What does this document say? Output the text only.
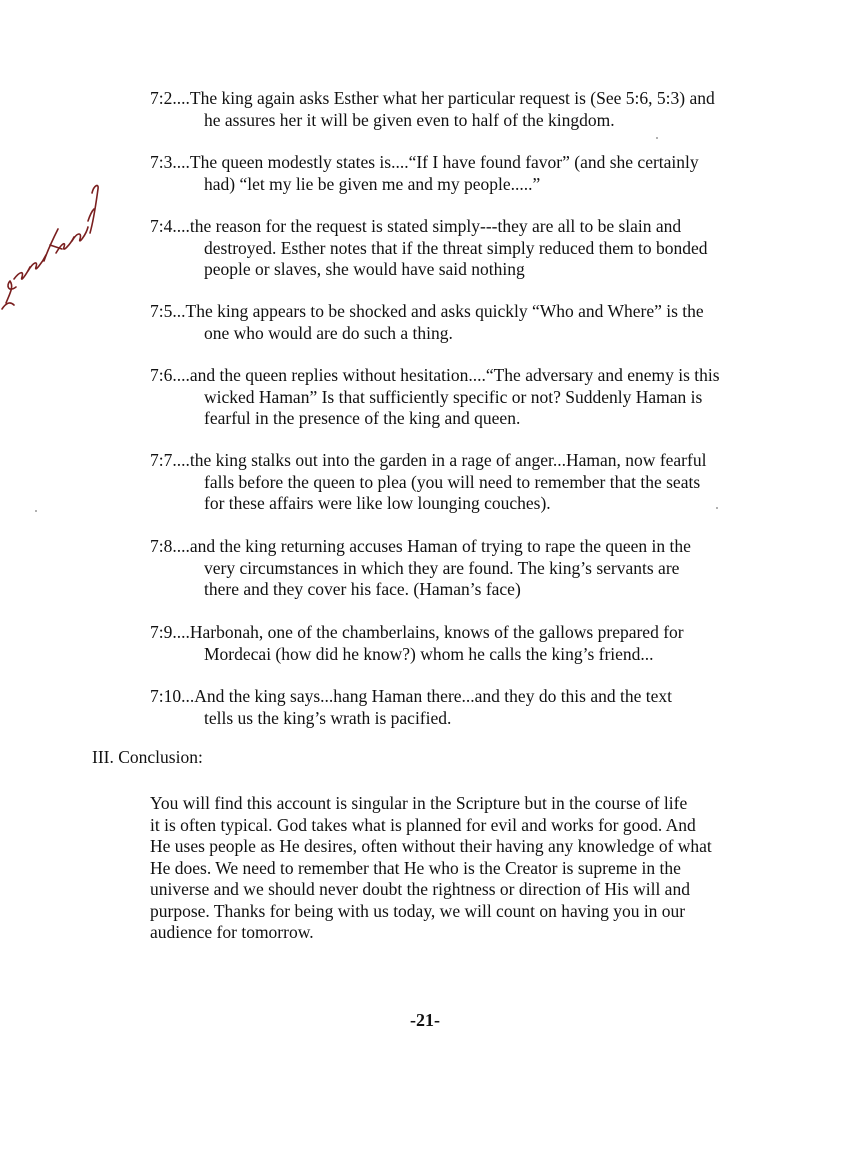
7:2....The king again asks Esther what her particular request is (See 5:6, 5:3) and
he assures her it will be given even to half of the kingdom.
7:3....The queen modestly states is....“If I have found favor” (and she certainly
had) “let my lie be given me and my people.....”
7:4....the reason for the request is stated simply---they are all to be slain and
destroyed. Esther notes that if the threat simply reduced them to bonded
people or slaves, she would have said nothing
7:5...The king appears to be shocked and asks quickly “Who and Where” is the
one who would are do such a thing.
7:6....and the queen replies without hesitation....“The adversary and enemy is this
wicked Haman” Is that sufficiently specific or not? Suddenly Haman is
fearful in the presence of the king and queen.
7:7....the king stalks out into the garden in a rage of anger...Haman, now fearful
falls before the queen to plea (you will need to remember that the seats
for these affairs were like low lounging couches).
7:8....and the king returning accuses Haman of trying to rape the queen in the
very circumstances in which they are found. The king’s servants are
there and they cover his face. (Haman’s face)
7:9....Harbonah, one of the chamberlains, knows of the gallows prepared for
Mordecai (how did he know?) whom he calls the king’s friend...
7:10...And the king says...hang Haman there...and they do this and the text
tells us the king’s wrath is pacified.
III. Conclusion:

You will find this account is singular in the Scripture but in the course of life
it is often typical. God takes what is planned for evil and works for good. And
He uses people as He desires, often without their having any knowledge of what
He does. We need to remember that He who is the Creator is supreme in the
universe and we should never doubt the rightness or direction of His will and
purpose. Thanks for being with us today, we will count on having you in our
audience for tomorrow.

-21-
